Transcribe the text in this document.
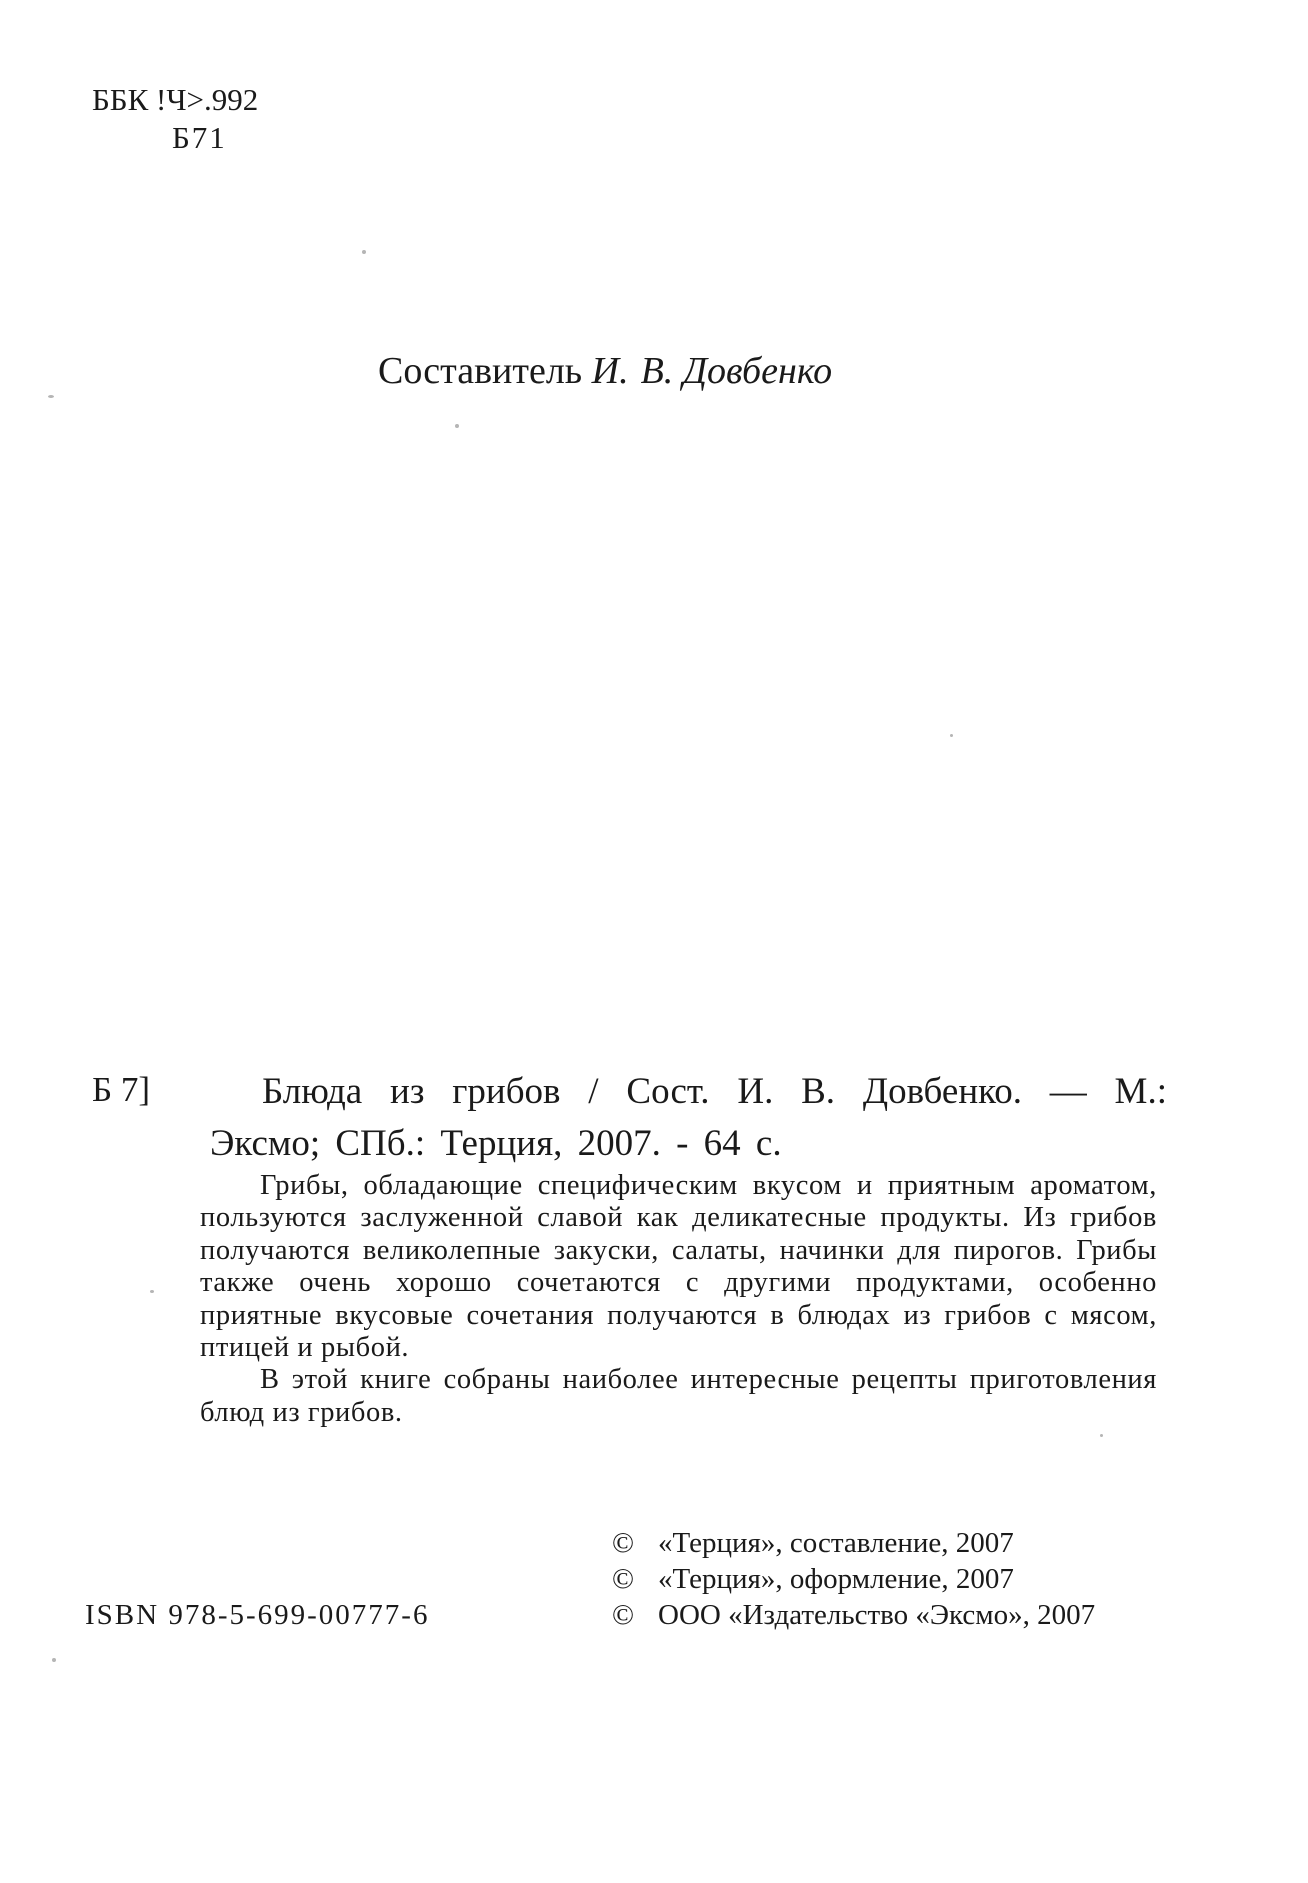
ББК !Ч>.992
Б71
Составитель И. В. Довбенко
Б 7]	Блюда из грибов / Сост. И. В. Довбенко. — М.:
Эксмо; СПб.: Терция, 2007. - 64 с.

Грибы, обладающие специфическим вкусом и приятным ароматом, пользуются заслуженной славой как деликатесные продукты. Из грибов получаются великолепные закуски, салаты, начинки для пирогов. Грибы также очень хорошо сочетаются с другими продуктами, особенно приятные вкусовые сочетания получаются в блюдах из грибов с мясом, птицей и рыбой.

В этой книге собраны наиболее интересные рецепты приготовления блюд из грибов.

© «Терция», составление, 2007
© «Терция», оформление, 2007
© ООО «Издательство «Эксмо», 2007
ISBN 978-5-699-00777-6
